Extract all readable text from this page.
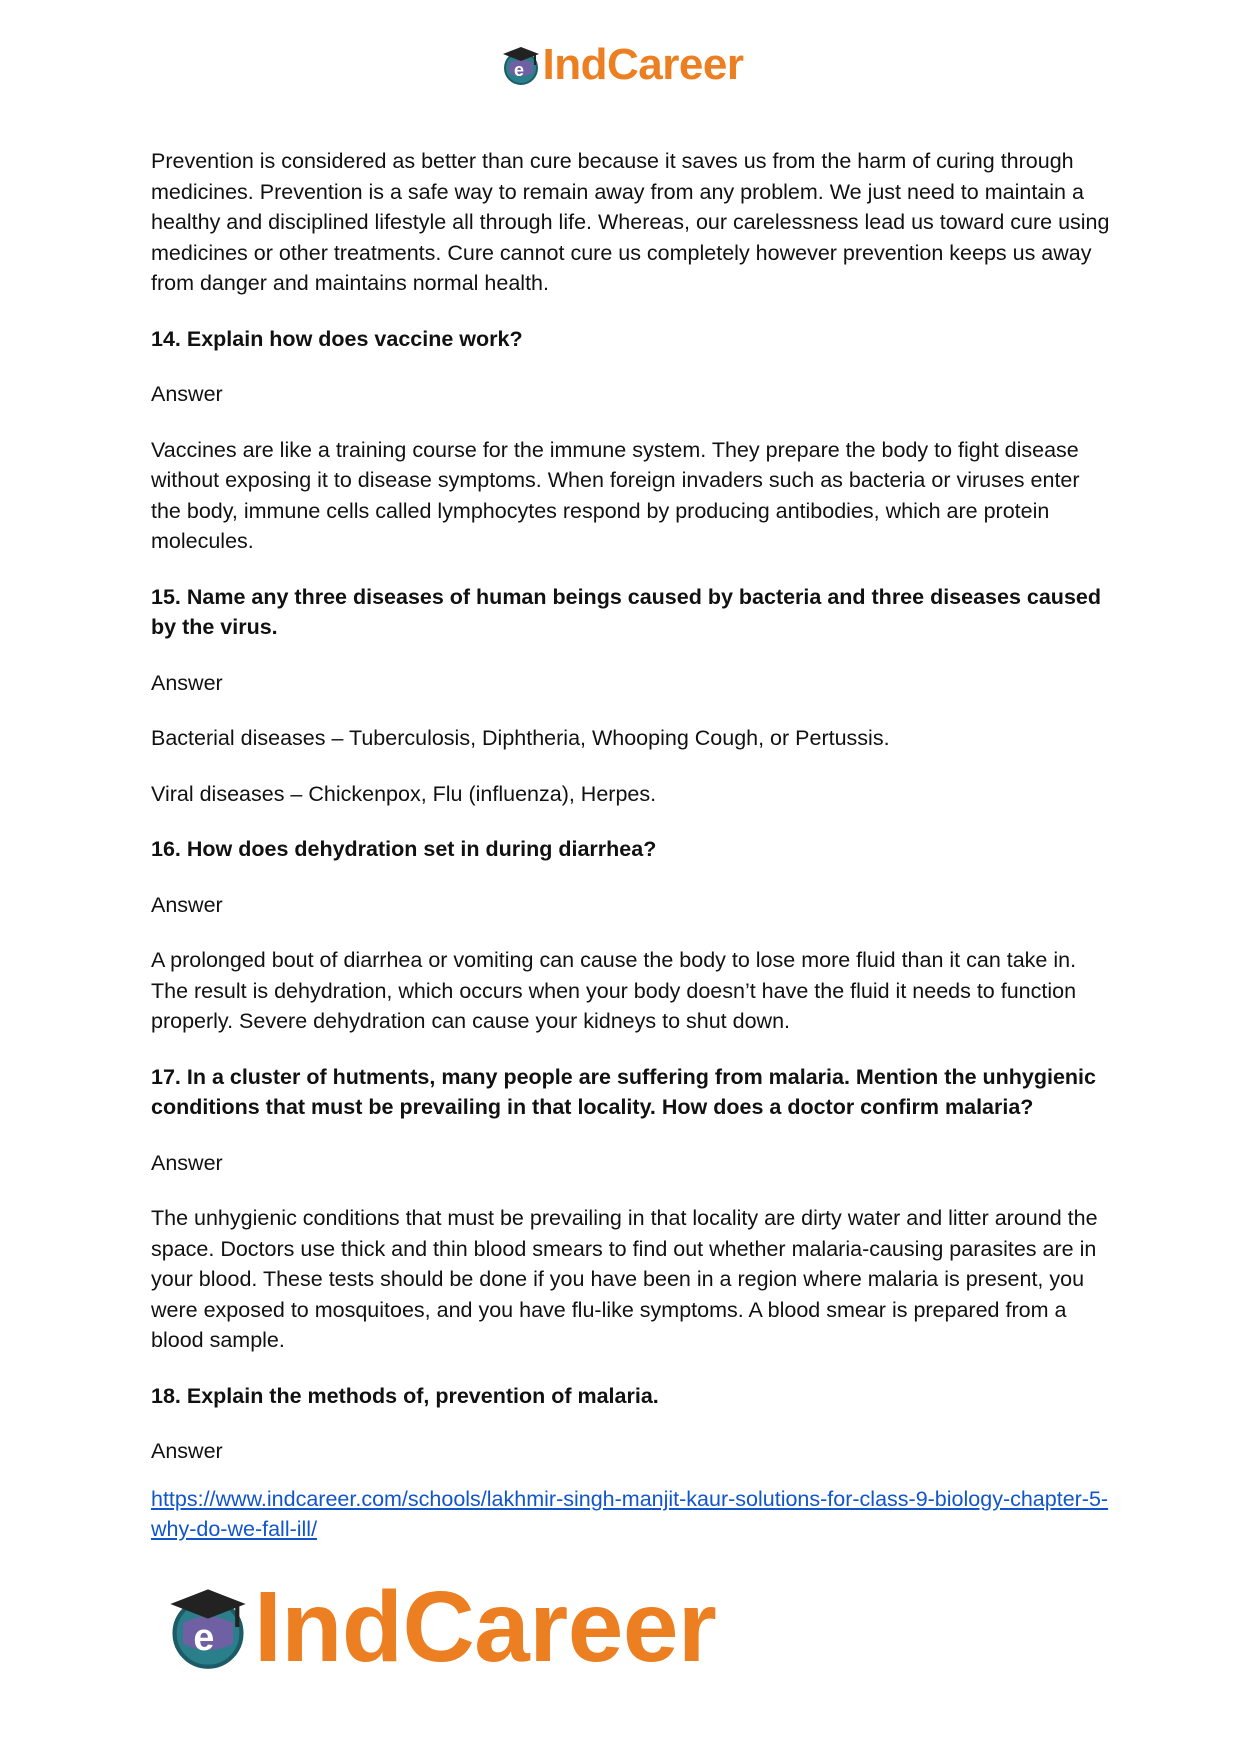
e IndCareer

Prevention is considered as better than cure because it saves us from the harm of curing through medicines. Prevention is a safe way to remain away from any problem. We just need to maintain a healthy and disciplined lifestyle all through life. Whereas, our carelessness lead us toward cure using medicines or other treatments. Cure cannot cure us completely however prevention keeps us away from danger and maintains normal health.

14. Explain how does vaccine work?

Answer

Vaccines are like a training course for the immune system. They prepare the body to fight disease without exposing it to disease symptoms. When foreign invaders such as bacteria or viruses enter the body, immune cells called lymphocytes respond by producing antibodies, which are protein molecules.

15. Name any three diseases of human beings caused by bacteria and three diseases caused by the virus.

Answer

Bacterial diseases – Tuberculosis, Diphtheria, Whooping Cough, or Pertussis.

Viral diseases – Chickenpox, Flu (influenza), Herpes.

16. How does dehydration set in during diarrhea?

Answer

A prolonged bout of diarrhea or vomiting can cause the body to lose more fluid than it can take in. The result is dehydration, which occurs when your body doesn’t have the fluid it needs to function properly. Severe dehydration can cause your kidneys to shut down.

17. In a cluster of hutments, many people are suffering from malaria. Mention the unhygienic conditions that must be prevailing in that locality. How does a doctor confirm malaria?

Answer

The unhygienic conditions that must be prevailing in that locality are dirty water and litter around the space. Doctors use thick and thin blood smears to find out whether malaria-causing parasites are in your blood. These tests should be done if you have been in a region where malaria is present, you were exposed to mosquitoes, and you have flu-like symptoms. A blood smear is prepared from a blood sample.

18. Explain the methods of, prevention of malaria.

Answer

https://www.indcareer.com/schools/lakhmir-singh-manjit-kaur-solutions-for-class-9-biology-chapter-5-why-do-we-fall-ill/
e IndCareer
